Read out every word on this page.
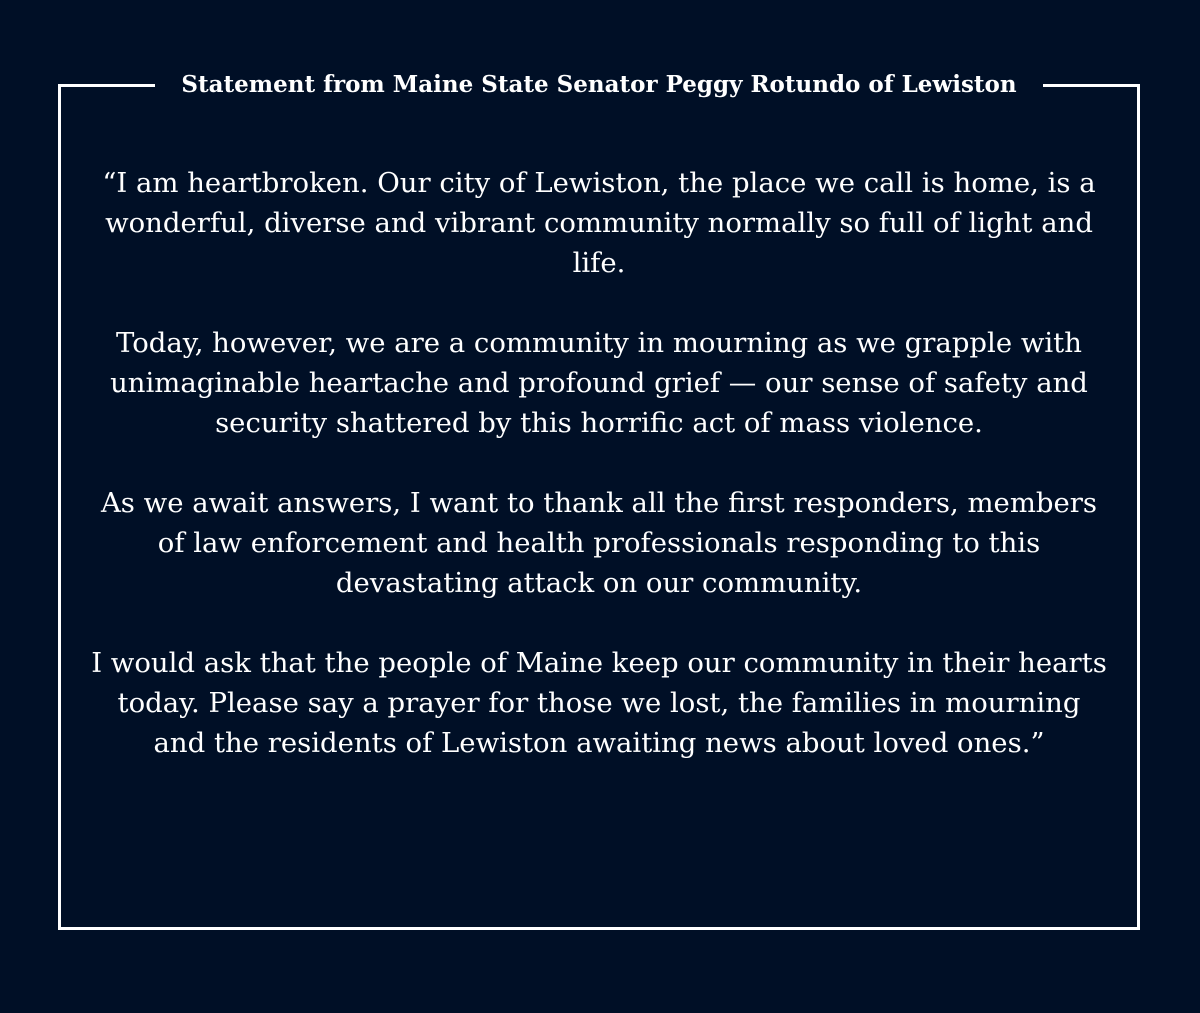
Statement from Maine State Senator Peggy Rotundo of Lewiston

“I am heartbroken. Our city of Lewiston, the place we call is home, is a wonderful, diverse and vibrant community normally so full of light and life.

Today, however, we are a community in mourning as we grapple with unimaginable heartache and profound grief — our sense of safety and security shattered by this horrific act of mass violence.

As we await answers, I want to thank all the first responders, members of law enforcement and health professionals responding to this devastating attack on our community.

I would ask that the people of Maine keep our community in their hearts today. Please say a prayer for those we lost, the families in mourning and the residents of Lewiston awaiting news about loved ones.”
